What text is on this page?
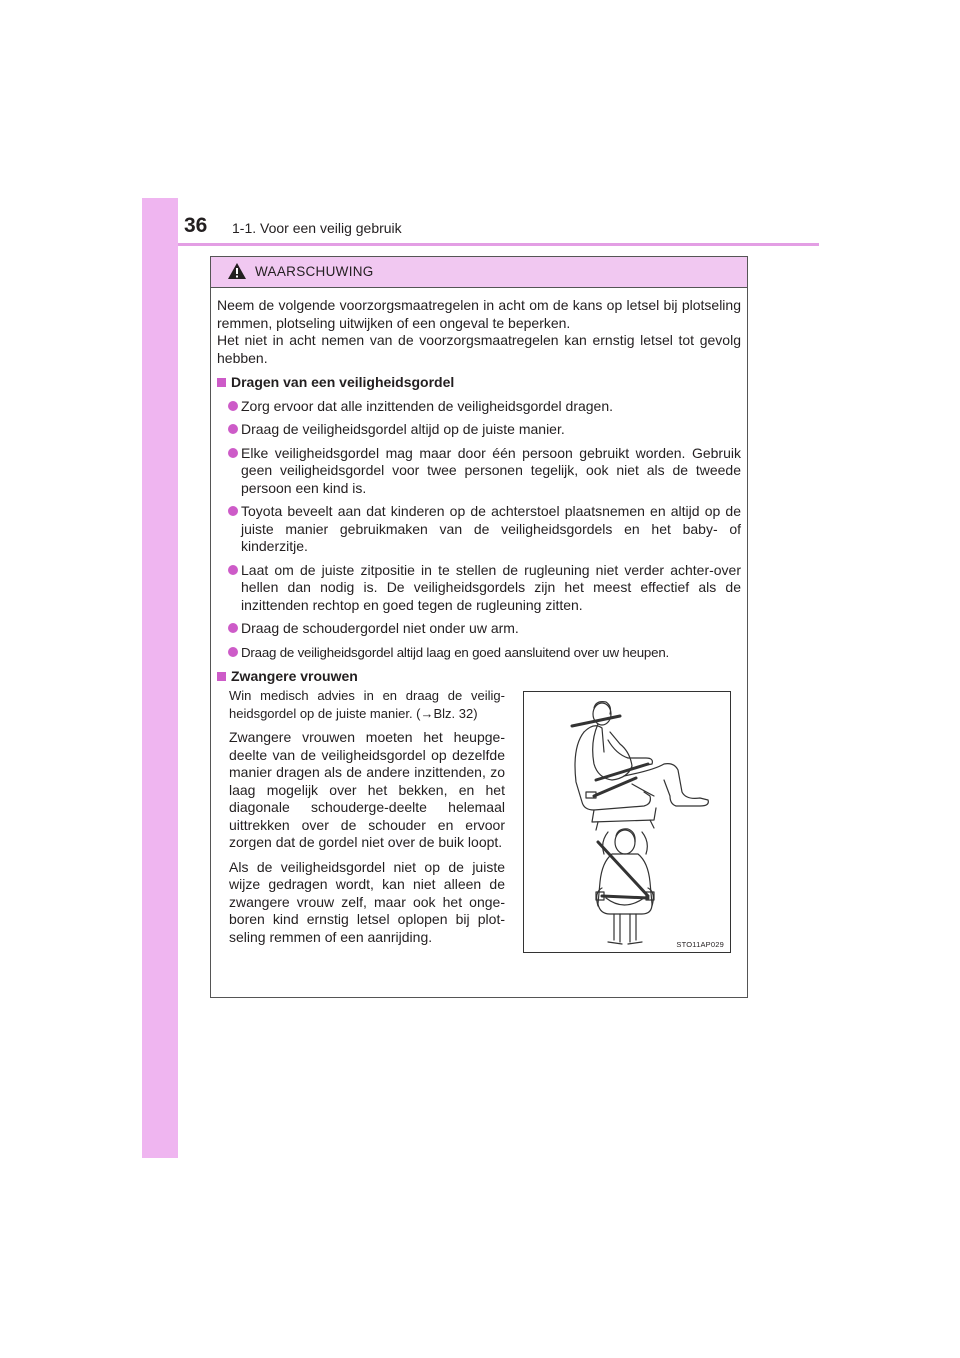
36 1-1. Voor een veilig gebruik
WAARSCHUWING
Neem de volgende voorzorgsmaatregelen in acht om de kans op letsel bij plotseling remmen, plotseling uitwijken of een ongeval te beperken.
Het niet in acht nemen van de voorzorgsmaatregelen kan ernstig letsel tot gevolg hebben.
Dragen van een veiligheidsgordel
Zorg ervoor dat alle inzittenden de veiligheidsgordel dragen.
Draag de veiligheidsgordel altijd op de juiste manier.
Elke veiligheidsgordel mag maar door één persoon gebruikt worden. Gebruik geen veiligheidsgordel voor twee personen tegelijk, ook niet als de tweede persoon een kind is.
Toyota beveelt aan dat kinderen op de achterstoel plaatsnemen en altijd op de juiste manier gebruikmaken van de veiligheidsgordels en het baby- of kinderzitje.
Laat om de juiste zitpositie in te stellen de rugleuning niet verder achter-over hellen dan nodig is. De veiligheidsgordels zijn het meest effectief als de inzittenden rechtop en goed tegen de rugleuning zitten.
Draag de schoudergordel niet onder uw arm.
Draag de veiligheidsgordel altijd laag en goed aansluitend over uw heupen.
Zwangere vrouwen
Win medisch advies in en draag de veilig-heidsgordel op de juiste manier. (→Blz. 32)
Zwangere vrouwen moeten het heupge-deelte van de veiligheidsgordel op dezelfde manier dragen als de andere inzittenden, zo laag mogelijk over het bekken, en het diagonale schouderge-deelte helemaal uittrekken over de schouder en ervoor zorgen dat de gordel niet over de buik loopt.
Als de veiligheidsgordel niet op de juiste wijze gedragen wordt, kan niet alleen de zwangere vrouw zelf, maar ook het onge-boren kind ernstig letsel oplopen bij plot-seling remmen of een aanrijding.	STO11AP029
